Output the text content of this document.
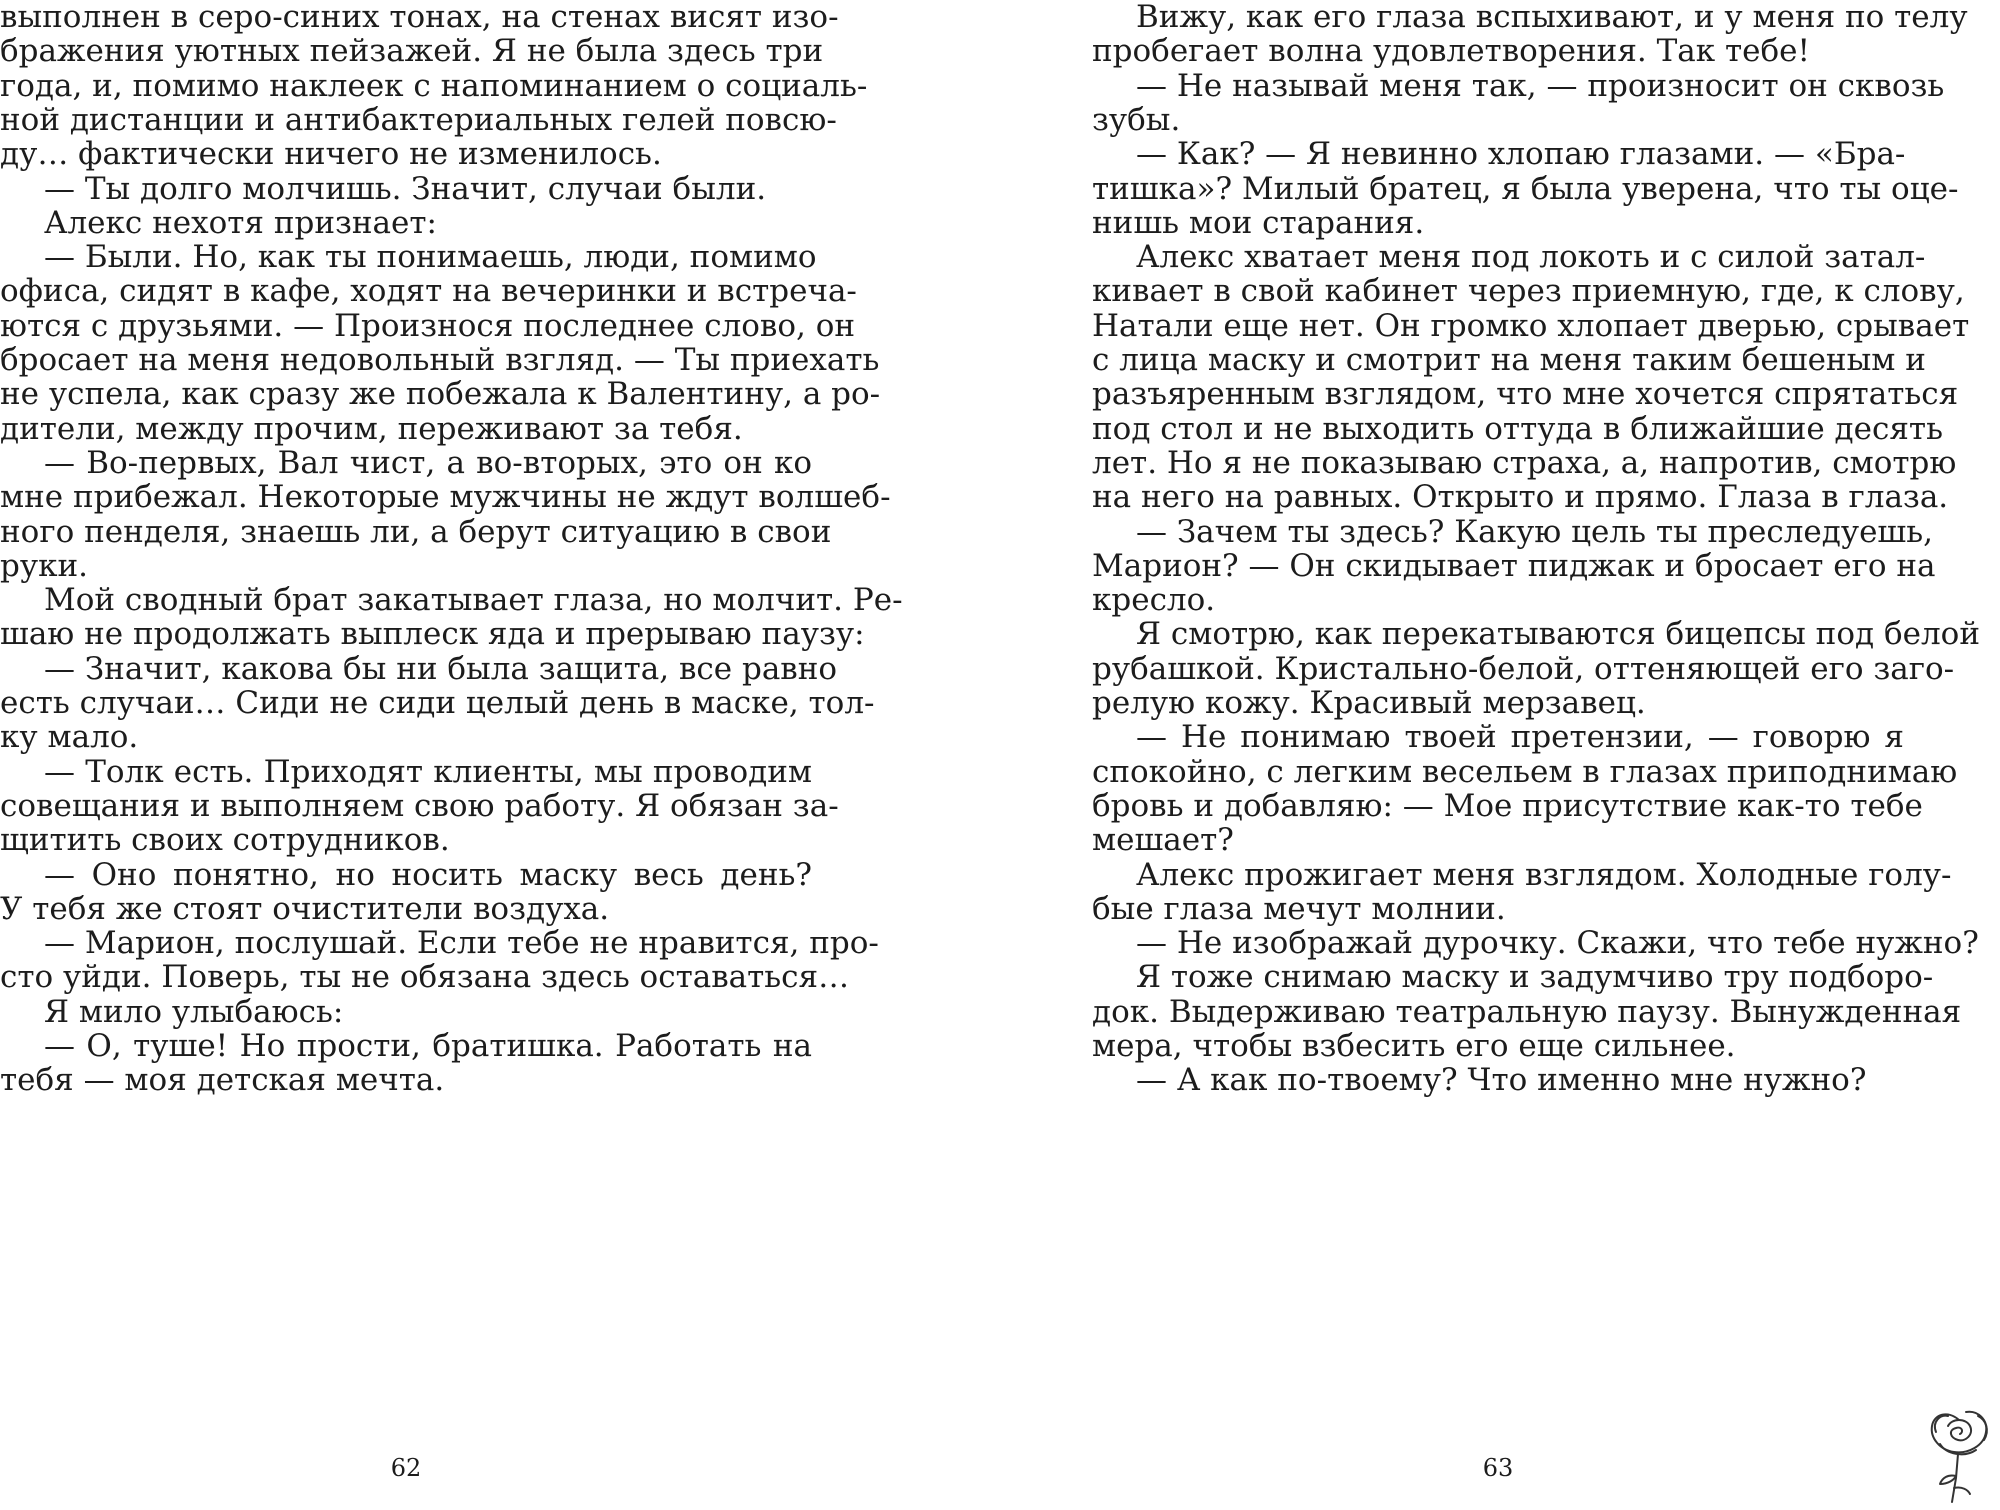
выполнен в серо-синих тонах, на стенах висят изо-
бражения уютных пейзажей. Я не была здесь три
года, и, помимо наклеек с напоминанием о социаль-
ной дистанции и антибактериальных гелей повсю-
ду… фактически ничего не изменилось.
— Ты долго молчишь. Значит, случаи были.
Алекс нехотя признает:
— Были. Но, как ты понимаешь, люди, помимо
офиса, сидят в кафе, ходят на вечеринки и встреча-
ются с друзьями. — Произнося последнее слово, он
бросает на меня недовольный взгляд. — Ты приехать
не успела, как сразу же побежала к Валентину, а ро-
дители, между прочим, переживают за тебя.
— Во-первых, Вал чист, а во-вторых, это он ко
мне прибежал. Некоторые мужчины не ждут волшеб-
ного пенделя, знаешь ли, а берут ситуацию в свои
руки.
Мой сводный брат закатывает глаза, но молчит. Ре-
шаю не продолжать выплеск яда и прерываю паузу:
— Значит, какова бы ни была защита, все равно
есть случаи… Сиди не сиди целый день в маске, тол-
ку мало.
— Толк есть. Приходят клиенты, мы проводим
совещания и выполняем свою работу. Я обязан за-
щитить своих сотрудников.
— Оно понятно, но носить маску весь день?
У тебя же стоят очистители воздуха.
— Марион, послушай. Если тебе не нравится, про-
сто уйди. Поверь, ты не обязана здесь оставаться…
Я мило улыбаюсь:
— О, туше! Но прости, братишка. Работать на
тебя — моя детская мечта.
62
Вижу, как его глаза вспыхивают, и у меня по телу
пробегает волна удовлетворения. Так тебе!
— Не называй меня так, — произносит он сквозь
зубы.
— Как? — Я невинно хлопаю глазами. — «Бра-
тишка»? Милый братец, я была уверена, что ты оце-
нишь мои старания.
Алекс хватает меня под локоть и с силой затал-
кивает в свой кабинет через приемную, где, к слову,
Натали еще нет. Он громко хлопает дверью, срывает
с лица маску и смотрит на меня таким бешеным и
разъяренным взглядом, что мне хочется спрятаться
под стол и не выходить оттуда в ближайшие десять
лет. Но я не показываю страха, а, напротив, смотрю
на него на равных. Открыто и прямо. Глаза в глаза.
— Зачем ты здесь? Какую цель ты преследуешь,
Марион? — Он скидывает пиджак и бросает его на
кресло.
Я смотрю, как перекатываются бицепсы под белой
рубашкой. Кристально-белой, оттеняющей его заго-
релую кожу. Красивый мерзавец.
— Не понимаю твоей претензии, — говорю я
спокойно, с легким весельем в глазах приподнимаю
бровь и добавляю: — Мое присутствие как-то тебе
мешает?
Алекс прожигает меня взглядом. Холодные голу-
бые глаза мечут молнии.
— Не изображай дурочку. Скажи, что тебе нужно?
Я тоже снимаю маску и задумчиво тру подборо-
док. Выдерживаю театральную паузу. Вынужденная
мера, чтобы взбесить его еще сильнее.
— А как по-твоему? Что именно мне нужно?
63
